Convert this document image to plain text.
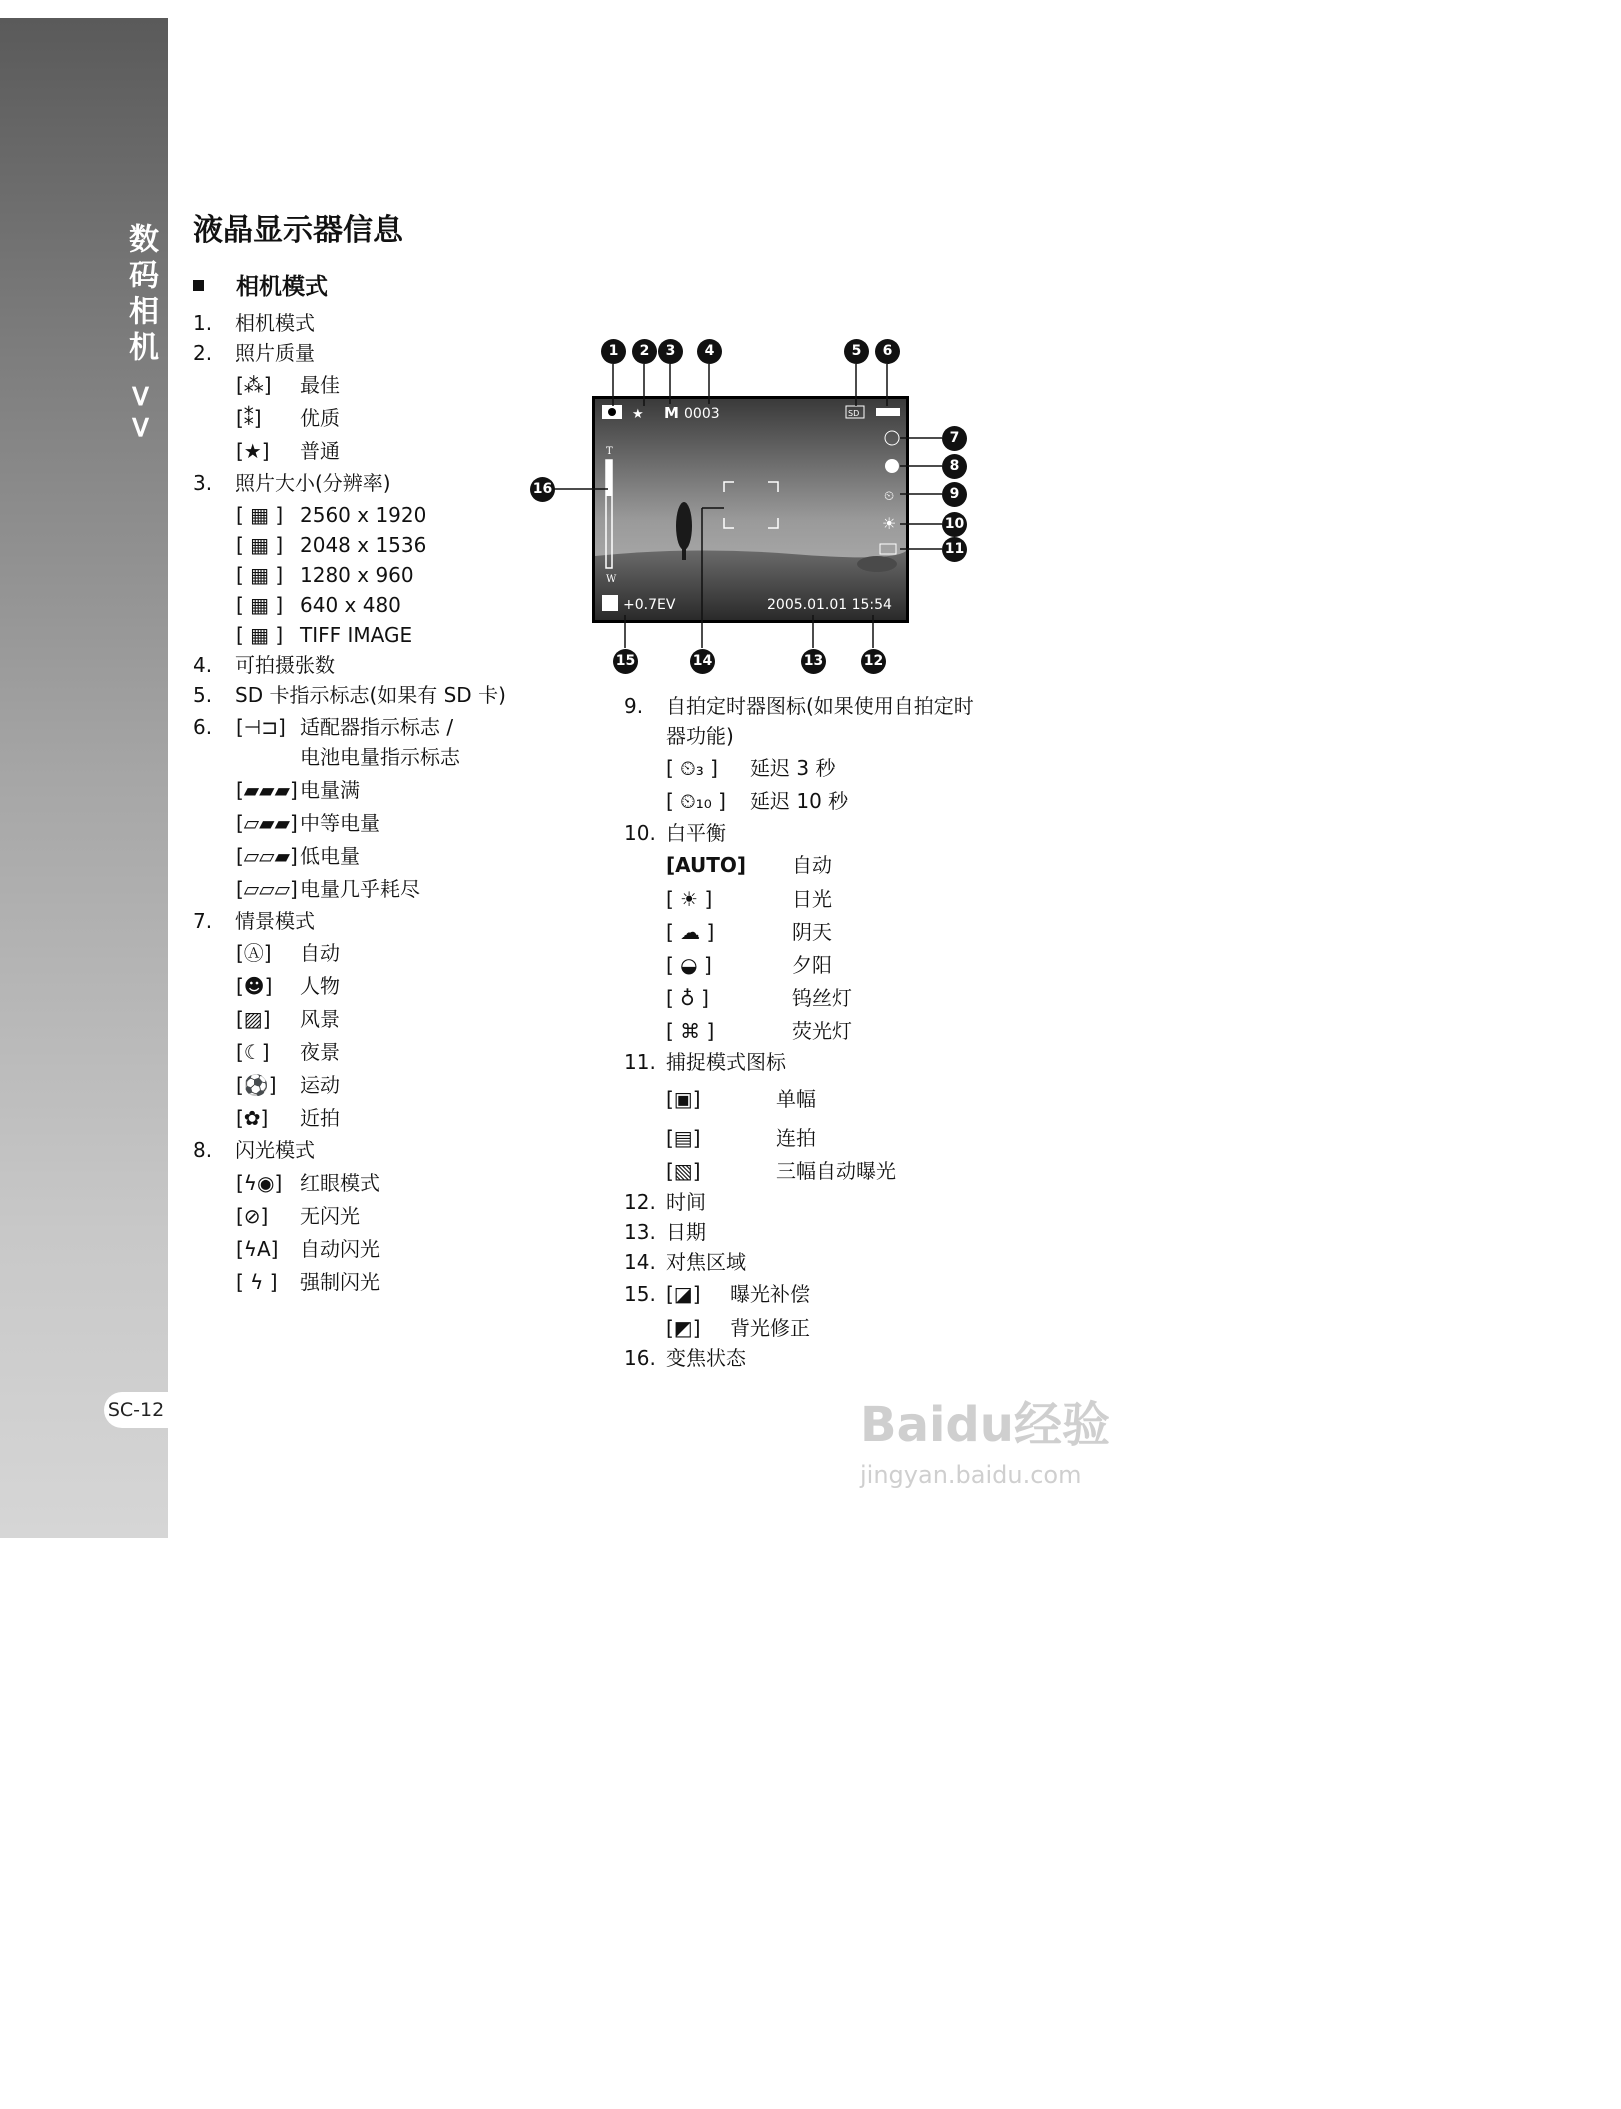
数码相机 >>
SC-12
液晶显示器信息
相机模式
1. 相机模式
2. 照片质量
[⁂] 最佳
[⁑] 优质
[★] 普通
3. 照片大小(分辨率)
[ ▦ ] 2560 x 1920
[ ▦ ] 2048 x 1536
[ ▦ ] 1280 x 960
[ ▦ ] 640 x 480
[ ▦ ] TIFF IMAGE
4. 可拍摄张数
5. SD 卡指示标志(如果有 SD 卡)
6. [⊣⊐] 适配器指示标志 /
电池电量指示标志
[▰▰▰] 电量满
[▱▰▰] 中等电量
[▱▱▰] 低电量
[▱▱▱] 电量几乎耗尽
7. 情景模式
[Ⓐ] 自动
[☻] 人物
[▨] 风景
[☾] 夜景
[⚽] 运动
[✿] 近拍
8. 闪光模式
[ϟ◉] 红眼模式
[⊘] 无闪光
[ϟA] 自动闪光
[ ϟ ] 强制闪光
9. 自拍定时器图标(如果使用自拍定时
器功能)
[ ⏲₃ ] 延迟 3 秒
[ ⏲₁₀ ] 延迟 10 秒
10. 白平衡
[AUTO] 自动
[ ☀ ]	日光
[ ☁ ]	阴天
[ ◒ ]	夕阳
[ ♁ ]	钨丝灯
[ ⌘ ]	荧光灯
11. 捕捉模式图标
[▣]	单幅
[▤]	连拍
[▧]	三幅自动曝光
12. 时间
13. 日期
14. 对焦区域
15. [◪] 曝光补偿
[◩] 背光修正
16. 变焦状态
★ M 0003	SD
⏲
☀
T
W
+0.7EV	2005.01.01 15:54
1	2	3	4	5	6
7
8
9
10
11
12
13
14
15
16
Baidu经验
jingyan.baidu.com
